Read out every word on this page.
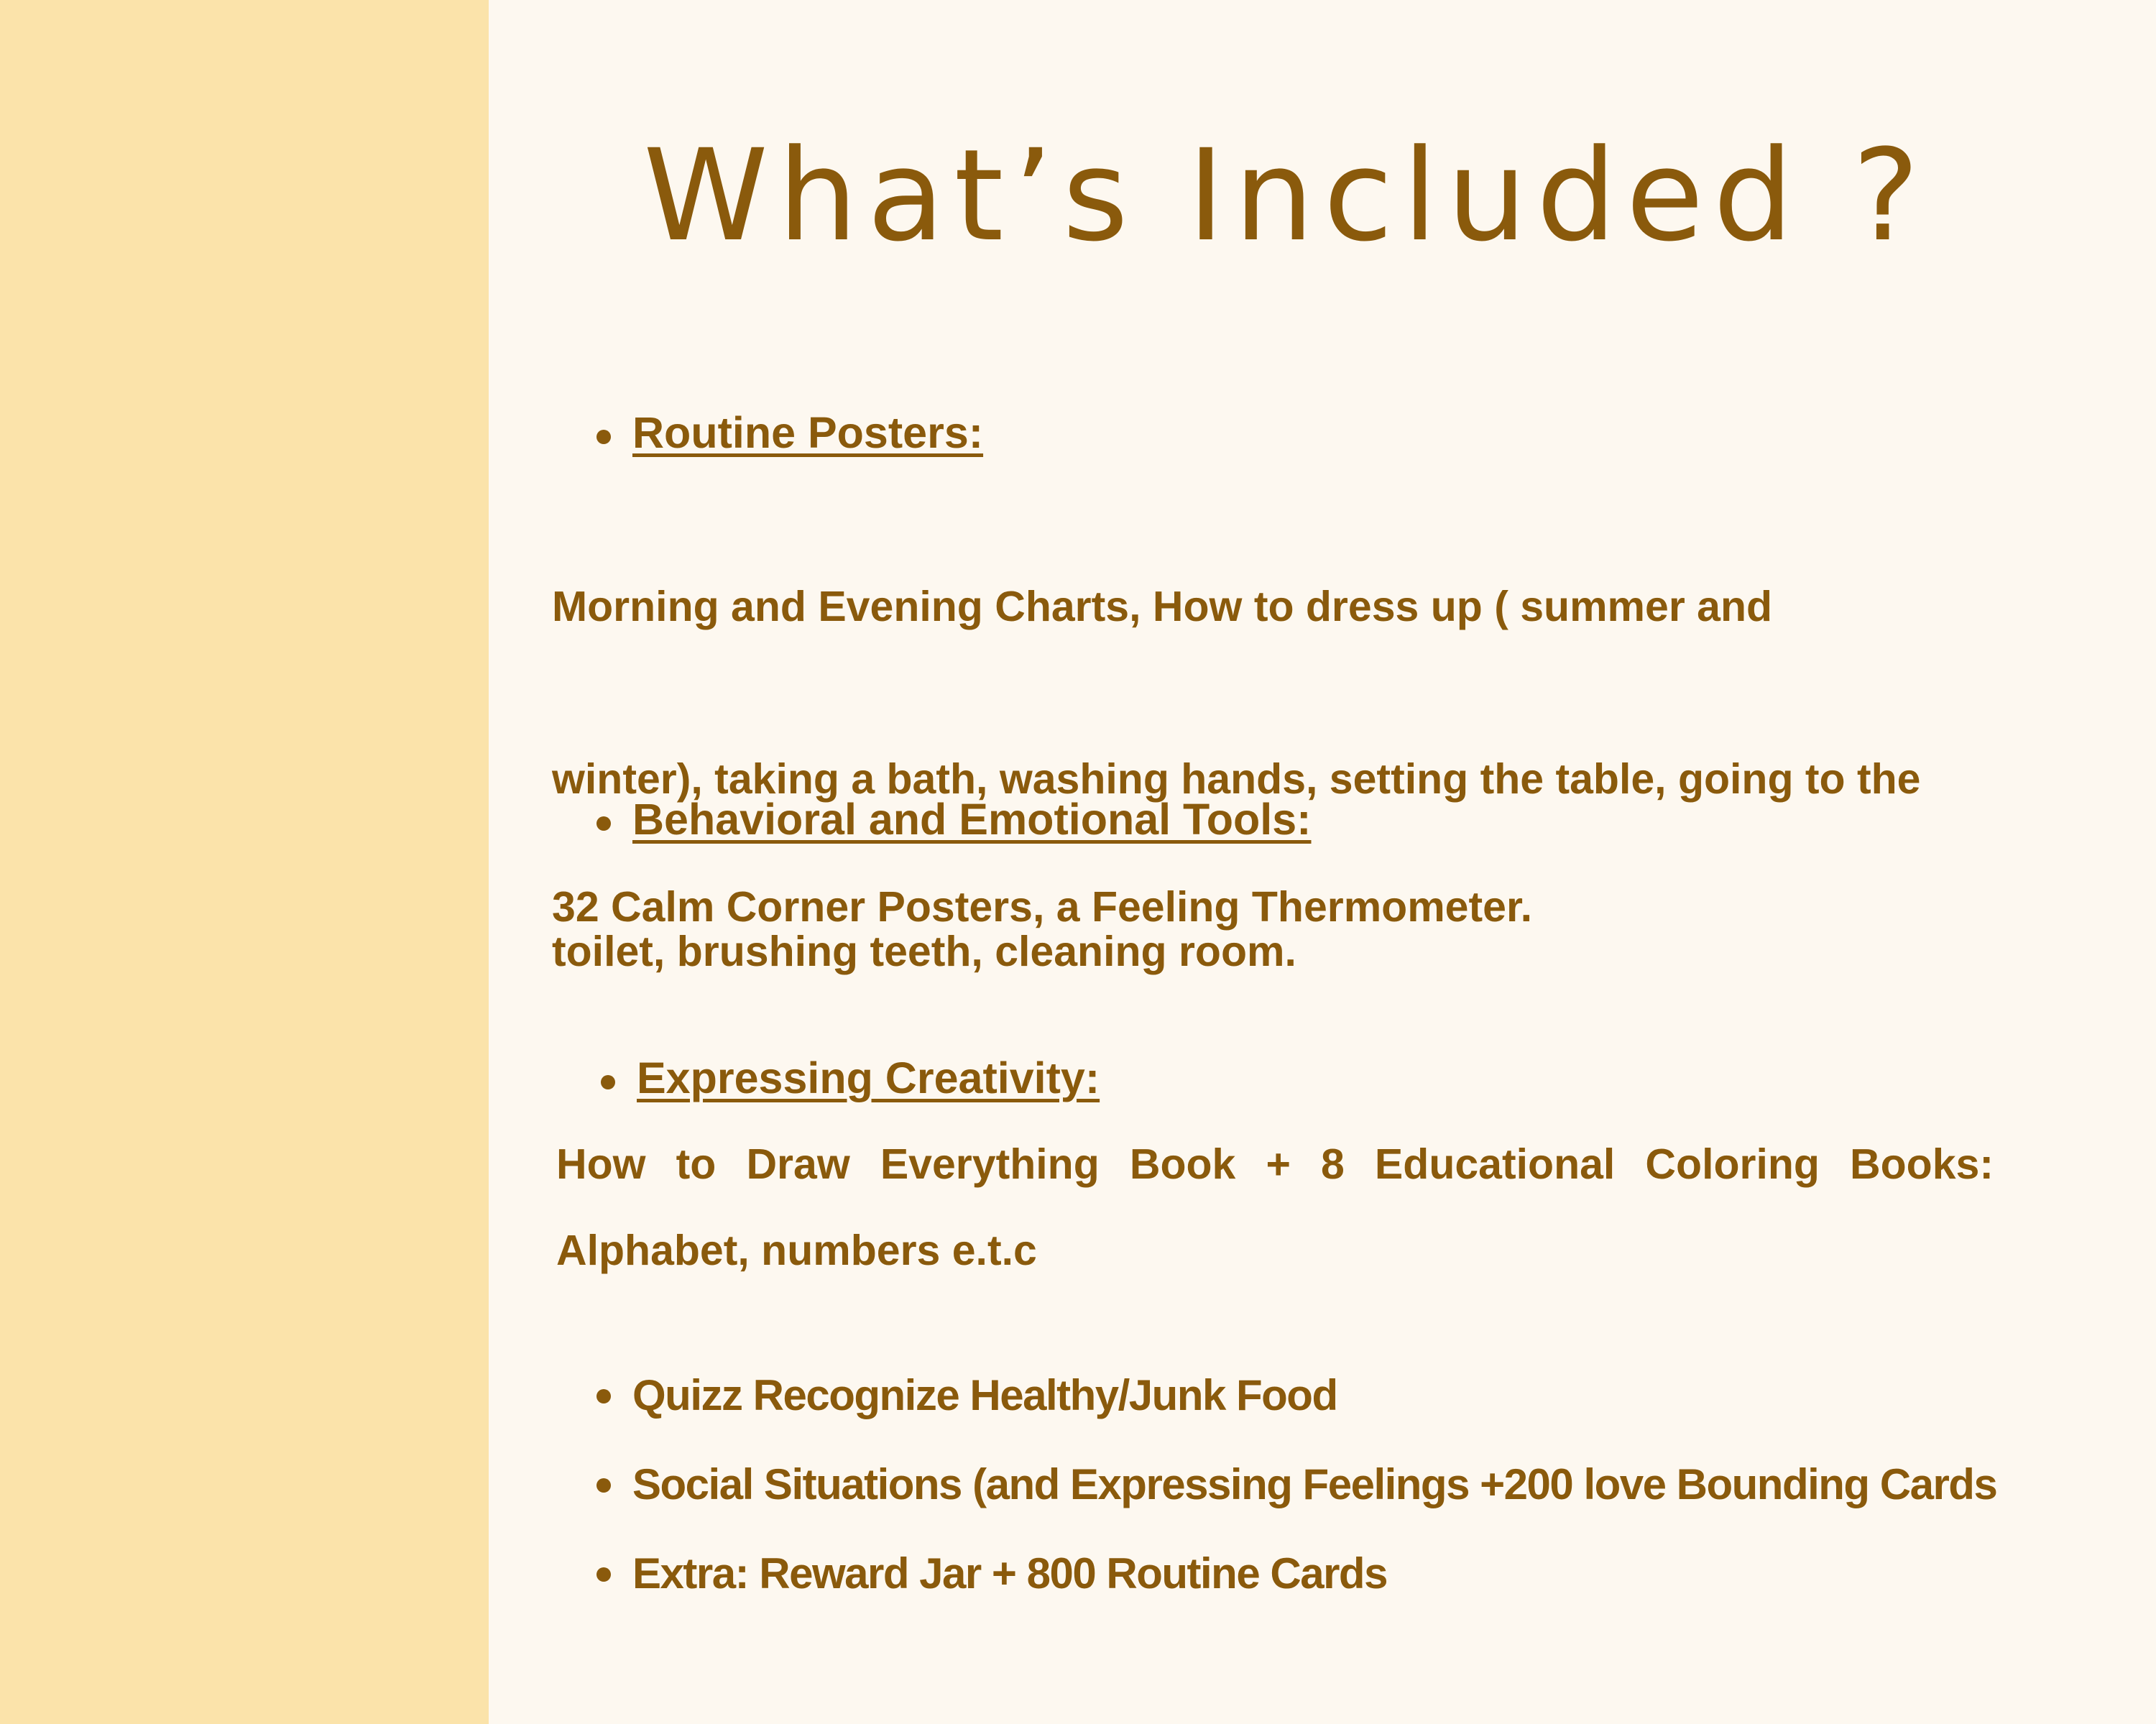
What’s Included ?
Routine Posters:

Morning and Evening Charts, How to dress up ( summer and

winter), taking a bath, washing hands, setting the table, going to the

toilet, brushing teeth, cleaning room.

Behavioral and Emotional Tools:
32 Calm Corner Posters, a Feeling Thermometer.
Expressing Creativity:

How to Draw Everything Book + 8 Educational Coloring Books: Alphabet, numbers e.t.c

Quizz Recognize Healthy/Junk Food
Social Situations (and Expressing Feelings +200 love Bounding Cards
Extra: Reward Jar + 800 Routine Cards
